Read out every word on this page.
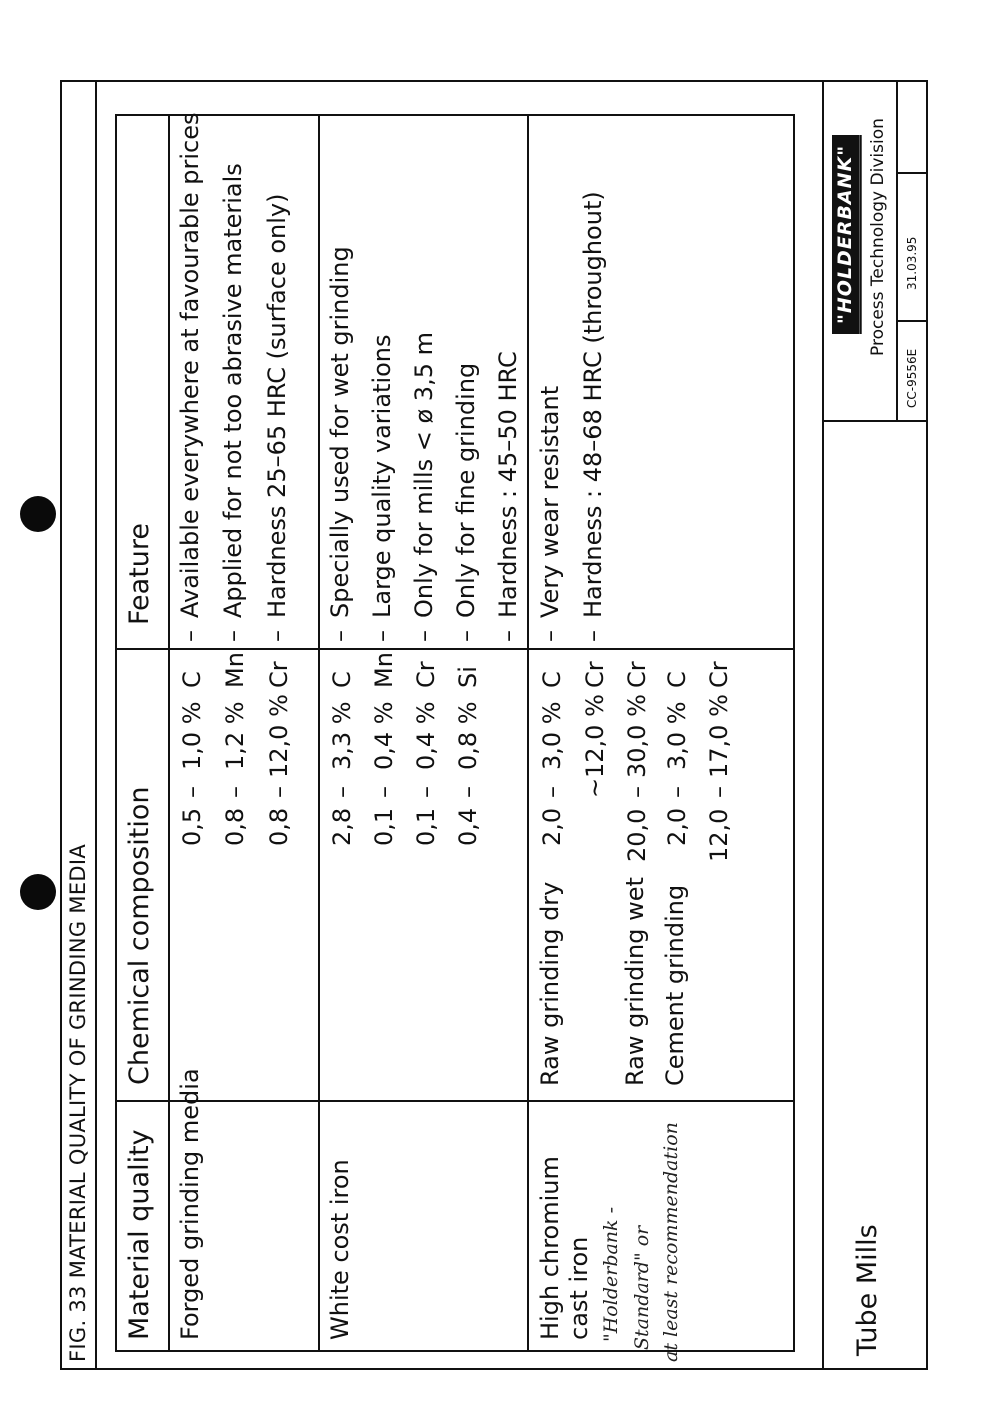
FIG. 33 MATERIAL QUALITY OF GRINDING MEDIA Material quality
Chemical composition
Feature
Forged grinding media
0,5
–
1,0 %
C
0,8
–
1,2 %
Mn
0,8
–
12,0 %
Cr
–
Available everywhere at favourable prices
–
Applied for not too abrasive materials
–
Hardness 25–65 HRC (surface only)
White cost iron
2,8
–
3,3 %
C
0,1
–
0,4 %
Mn
0,1
–
0,4 %
Cr
0,4
–
0,8 %
Si
–
Specially used for wet grinding
–
Large quality variations
–
Only for mills < ø 3,5 m
–
Only for fine grinding
–
Hardness : 45–50 HRC
High chromium cast iron "Holderbank - Standard" or at least recommendation
Raw grinding dry Raw grinding wet Cement grinding
2,0
–
3,0 %
C
~
12,0 %
Cr
20,0
–
30,0 %
Cr
2,0
–
3,0 %
C
12,0
–
17,0 %
Cr
–
Very wear resistant
–
Hardness : 48–68 HRC (throughout)
Tube Mills
"HOLDERBANK" Process Technology Division
CC-9556E
31.03.95
